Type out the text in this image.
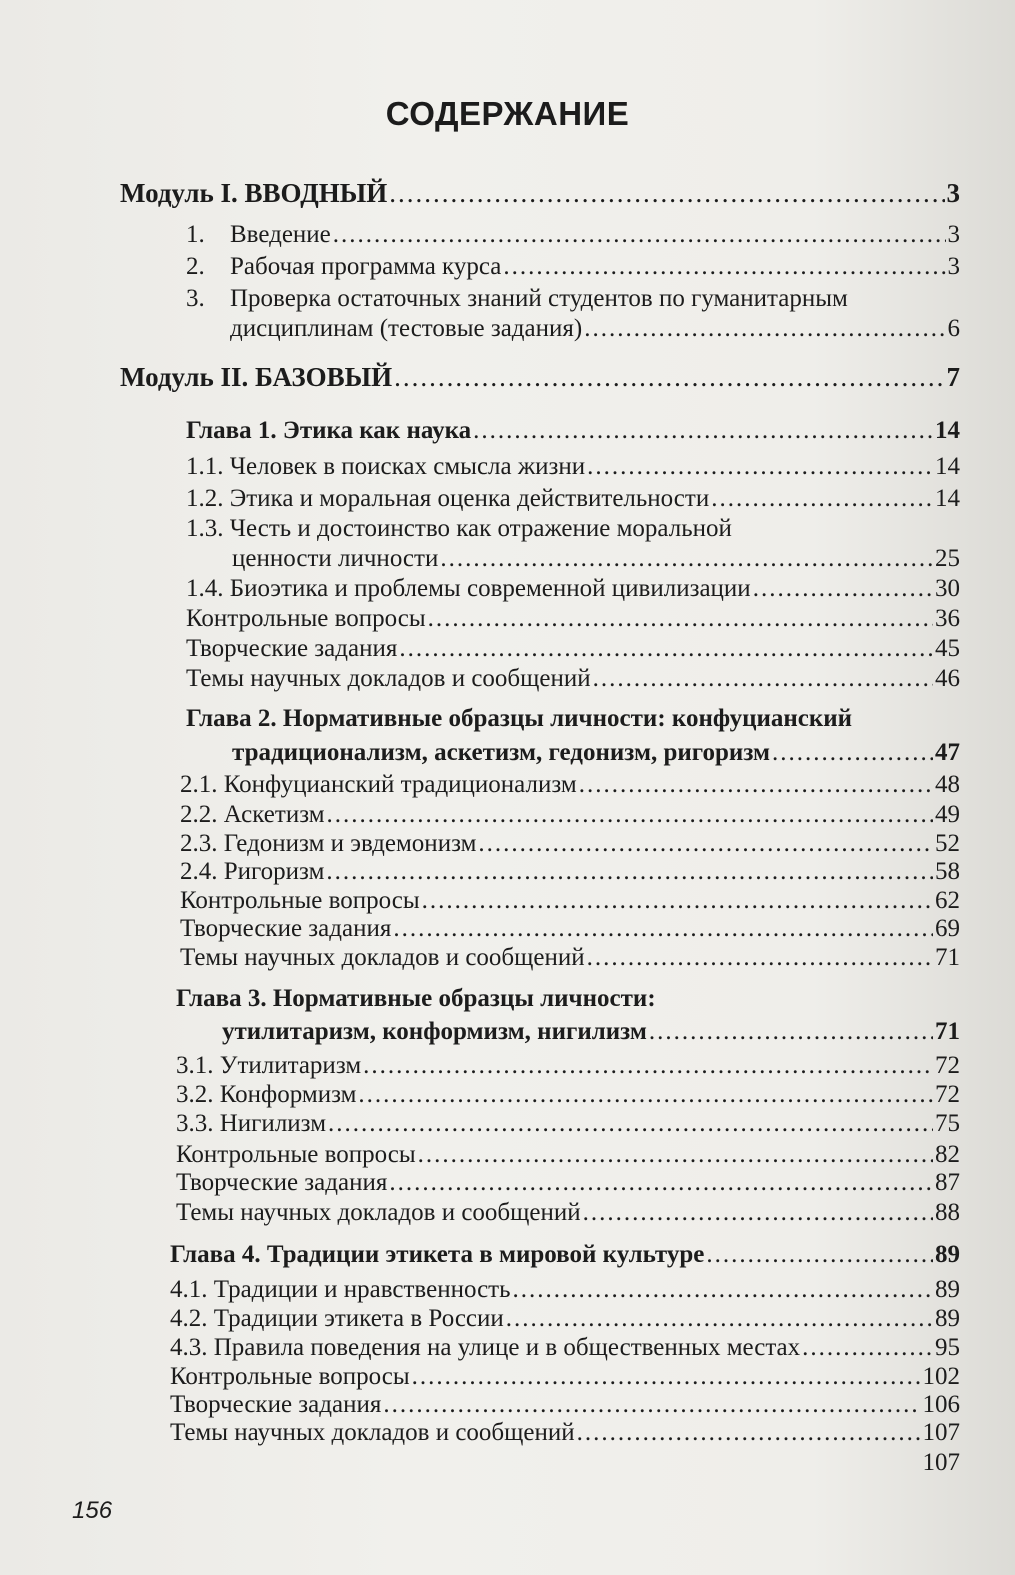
СОДЕРЖАНИЕ
Модуль I. ВВОДНЫЙ .....	3
1.	Введение .....	3
2.	Рабочая программа курса .....	3
3. Проверка остаточных знаний студентов по гуманитарным
дисциплинам (тестовые задания) .....	6
Модуль II. БАЗОВЫЙ .....	7
Глава 1. Этика как наука .....	14
1.1. Человек в поисках смысла жизни .....	14
1.2. Этика и моральная оценка действительности .....	14
1.3. Честь и достоинство как отражение моральной
ценности личности .....	25
1.4. Биоэтика и проблемы современной цивилизации .....	30
Контрольные вопросы .....	36
Творческие задания .....	45
Темы научных докладов и сообщений .....	46
Глава 2. Нормативные образцы личности: конфуцианский
традиционализм, аскетизм, гедонизм, ригоризм .....	47
2.1. Конфуцианский традиционализм .....	48
2.2. Аскетизм .....	49
2.3. Гедонизм и эвдемонизм .....	52
2.4. Ригоризм .....	58
Контрольные вопросы .....	62
Творческие задания .....	69
Темы научных докладов и сообщений .....	71
Глава 3. Нормативные образцы личности:
утилитаризм, конформизм, нигилизм .....	71
3.1. Утилитаризм .....	72
3.2. Конформизм .....	72
3.3. Нигилизм .....	75
Контрольные вопросы .....	82
Творческие задания .....	87
Темы научных докладов и сообщений .....	88
Глава 4. Традиции этикета в мировой культуре .....	89
4.1. Традиции и нравственность .....	89
4.2. Традиции этикета в России .....	89
4.3. Правила поведения на улице и в общественных местах .....	95
Контрольные вопросы .....	102
Творческие задания .....	106
Темы научных докладов и сообщений .....	107
107
156
